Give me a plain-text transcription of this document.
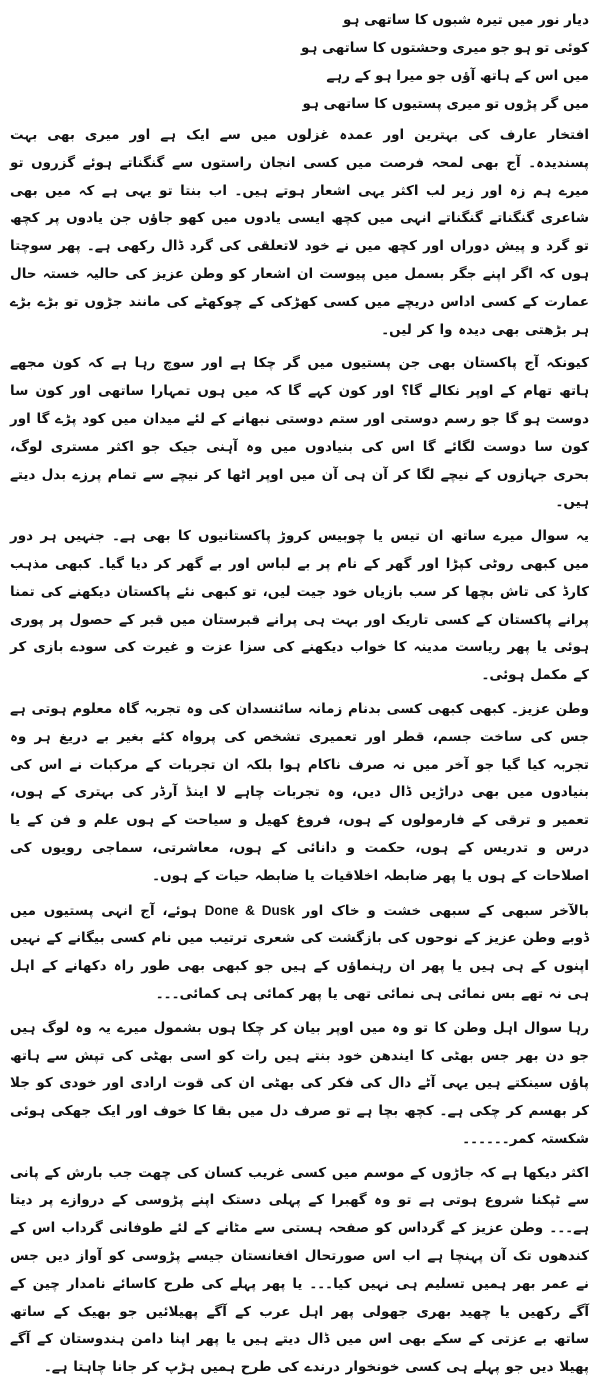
دیار نور میں تیرہ شبوں کا ساتھی ہو
کوئی تو ہو جو میری وحشتوں کا ساتھی ہو
میں اس کے ہاتھ آؤں جو میرا ہو کے رہے
میں گر پڑوں تو میری پستیوں کا ساتھی ہو

افتخار عارف کی بہترین اور عمدہ غزلوں میں سے ایک ہے اور میری بھی بہت پسندیدہ۔ آج بھی لمحہ فرصت میں کسی انجان راستوں سے گنگناتے ہوئے گزروں تو میرے ہم زہ اور زیر لب اکثر یہی اشعار ہوتے ہیں۔ اب بنتا تو یہی ہے کہ میں بھی شاعری گنگناتے گنگناتے انہی میں کچھ ایسی یادوں میں کھو جاؤں جن یادوں پر کچھ تو گرد و پیش دوراں اور کچھ میں نے خود لاتعلقی کی گرد ڈال رکھی ہے۔ پھر سوچتا ہوں کہ اگر اپنے جگر بسمل میں پیوست ان اشعار کو وطن عزیز کی حالیہ خستہ حال عمارت کے کسی اداس دریچے میں کسی کھڑکی کے چوکھٹے کی مانند جڑوں تو بڑے بڑے ہر بڑھتی بھی دیدہ وا کر لیں۔

کیونکہ آج پاکستان بھی جن پستیوں میں گر چکا ہے اور سوچ رہا ہے کہ کون مجھے ہاتھ تھام کے اوپر نکالے گا؟ اور کون کہے گا کہ میں ہوں تمہارا ساتھی اور کون سا دوست ہو گا جو رسم دوستی اور ستم دوستی نبھانے کے لئے میدان میں کود پڑے گا اور کون سا دوست لگائے گا اس کی بنیادوں میں وہ آہنی جیک جو اکثر مستری لوگ، بحری جہازوں کے نیچے لگا کر آن ہی آن میں اوپر اٹھا کر نیچے سے تمام پرزے بدل دیتے ہیں۔

یہ سوال میرے ساتھ ان تیس یا چوبیس کروڑ پاکستانیوں کا بھی ہے۔ جنہیں ہر دور میں کبھی روٹی کپڑا اور گھر کے نام پر بے لباس اور بے گھر کر دیا گیا۔ کبھی مذہب کارڈ کی تاش بچھا کر سب بازیاں خود جیت لیں، تو کبھی نئے پاکستان دیکھنے کی تمنا پرانے پاکستان کے کسی تاریک اور بہت ہی پرانے قبرستان میں قبر کے حصول پر پوری ہوئی یا پھر ریاست مدینہ کا خواب دیکھنے کی سزا عزت و غیرت کی سودے بازی کر کے مکمل ہوئی۔

وطن عزیز۔ کبھی کبھی کسی بدنام زمانہ سائنسدان کی وہ تجربہ گاہ معلوم ہوتی ہے جس کی ساخت جسم، قطر اور تعمیری تشخص کی پرواہ کئے بغیر بے دریغ ہر وہ تجربہ کیا گیا جو آخر میں نہ صرف ناکام ہوا بلکہ ان تجربات کے مرکبات نے اس کی بنیادوں میں بھی دراڑیں ڈال دیں، وہ تجربات چاہے لا اینڈ آرڈر کی بہتری کے ہوں، تعمیر و ترقی کے فارمولوں کے ہوں، فروغ کھیل و سیاحت کے ہوں علم و فن کے یا درس و تدریس کے ہوں، حکمت و دانائی کے ہوں، معاشرتی، سماجی رویوں کی اصلاحات کے ہوں یا پھر ضابطہ اخلاقیات یا ضابطہ حیات کے ہوں۔

بالآخر سبھی کے سبھی خشت و خاک اور Done & Dusk ہوئے، آج انہی پستیوں میں ڈوبے وطن عزیز کے نوحوں کی بازگشت کی شعری ترتیب میں نام کسی بیگانے کے نہیں اپنوں کے ہی ہیں یا پھر ان رہنماؤں کے ہیں جو کبھی بھی طور راہ دکھانے کے اہل ہی نہ تھے بس نمائی ہی نمائی تھی یا پھر کمائی ہی کمائی۔۔۔

رہا سوال اہل وطن کا تو وہ میں اوپر بیان کر چکا ہوں بشمول میرے یہ وہ لوگ ہیں جو دن بھر جس بھٹی کا ایندھن خود بنتے ہیں رات کو اسی بھٹی کی تپش سے ہاتھ پاؤں سینکتے ہیں یہی آٹے دال کی فکر کی بھٹی ان کی قوت ارادی اور خودی کو جلا کر بھسم کر چکی ہے۔ کچھ بچا ہے تو صرف دل میں بقا کا خوف اور ایک جھکی ہوئی شکستہ کمر۔۔۔۔۔۔

اکثر دیکھا ہے کہ جاڑوں کے موسم میں کسی غریب کسان کی چھت جب بارش کے پانی سے ٹپکنا شروع ہوتی ہے تو وہ گھبرا کے پہلی دستک اپنے پڑوسی کے دروازے پر دیتا ہے۔۔۔ وطن عزیز کے گرداس کو صفحہ ہستی سے مٹانے کے لئے طوفانی گرداب اس کے کندھوں تک آن پہنچا ہے اب اس صورتحال افغانستان جیسے پڑوسی کو آواز دیں جس نے عمر بھر ہمیں تسلیم ہی نہیں کیا۔۔۔ یا پھر پہلے کی طرح کاسائے نامدار چین کے آگے رکھیں یا چھید بھری جھولی پھر اہل عرب کے آگے پھیلائیں جو بھیک کے ساتھ ساتھ بے عزتی کے سکے بھی اس میں ڈال دیتے ہیں یا پھر اپنا دامن ہندوستان کے آگے پھیلا دیں جو پہلے ہی کسی خونخوار درندے کی طرح ہمیں ہڑپ کر جانا چاہتا ہے۔
